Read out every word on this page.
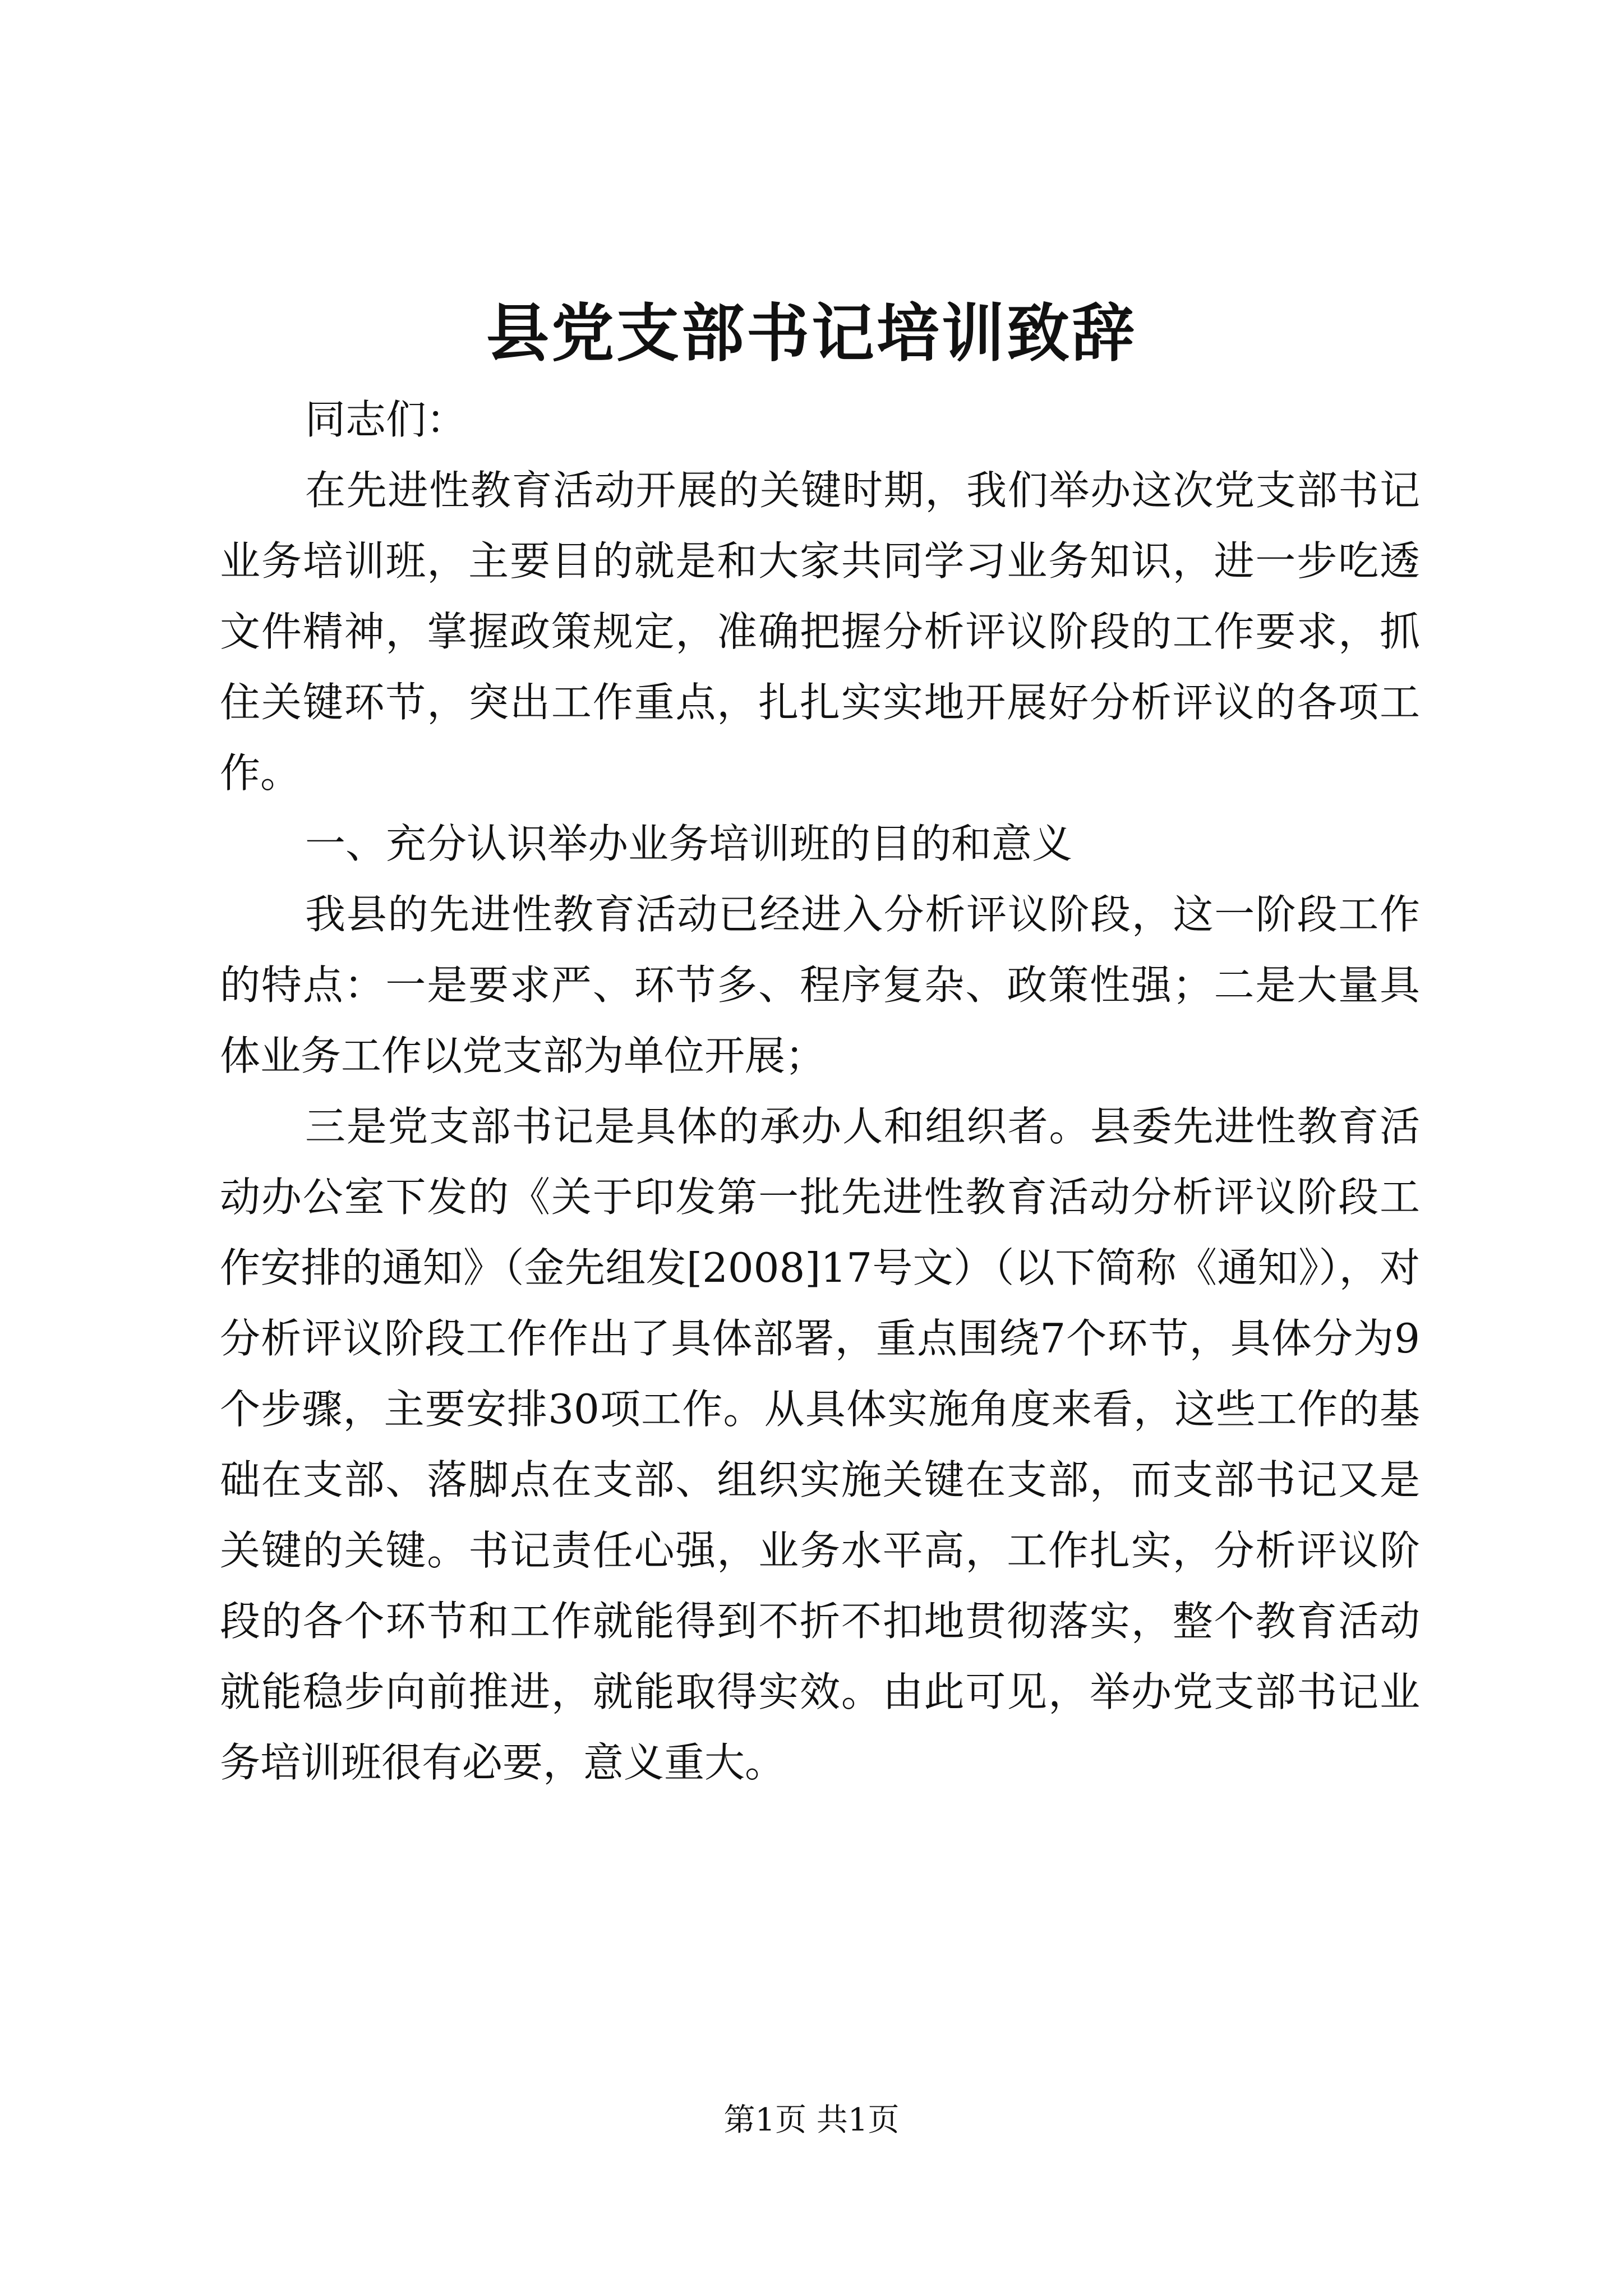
县党支部书记培训致辞

同志们：

在先进性教育活动开展的关键时期，我们举办这次党支部书记业务培训班，主要目的就是和大家共同学习业务知识，进一步吃透文件精神，掌握政策规定，准确把握分析评议阶段的工作要求，抓住关键环节，突出工作重点，扎扎实实地开展好分析评议的各项工作。

一、充分认识举办业务培训班的目的和意义

我县的先进性教育活动已经进入分析评议阶段，这一阶段工作的特点：一是要求严、环节多、程序复杂、政策性强；二是大量具体业务工作以党支部为单位开展；

三是党支部书记是具体的承办人和组织者。县委先进性教育活动办公室下发的《关于印发第一批先进性教育活动分析评议阶段工作安排的通知》（金先组发[2008]17号文）（以下简称《通知》），对分析评议阶段工作作出了具体部署，重点围绕7个环节，具体分为9个步骤，主要安排30项工作。从具体实施角度来看，这些工作的基础在支部、落脚点在支部、组织实施关键在支部，而支部书记又是关键的关键。书记责任心强，业务水平高，工作扎实，分析评议阶段的各个环节和工作就能得到不折不扣地贯彻落实，整个教育活动就能稳步向前推进，就能取得实效。由此可见，举办党支部书记业务培训班很有必要，意义重大。

第1页 共1页
